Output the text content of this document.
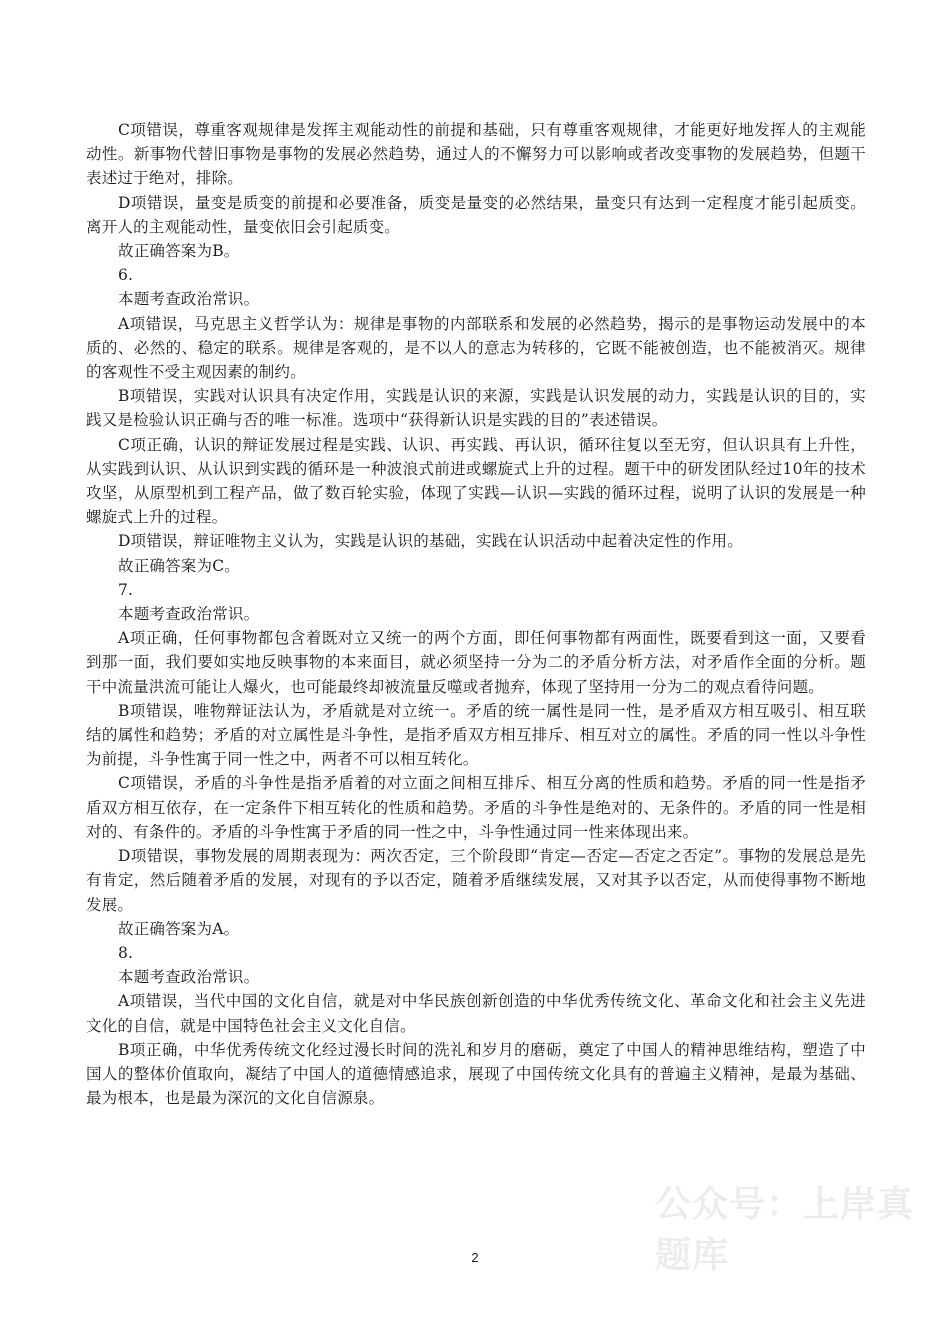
C项错误，尊重客观规律是发挥主观能动性的前提和基础，只有尊重客观规律，才能更好地发挥人的主观能动性。新事物代替旧事物是事物的发展必然趋势，通过人的不懈努力可以影响或者改变事物的发展趋势，但题干表述过于绝对，排除。

D项错误，量变是质变的前提和必要准备，质变是量变的必然结果，量变只有达到一定程度才能引起质变。离开人的主观能动性，量变依旧会引起质变。

故正确答案为B。

6.

本题考查政治常识。

A项错误，马克思主义哲学认为：规律是事物的内部联系和发展的必然趋势，揭示的是事物运动发展中的本质的、必然的、稳定的联系。规律是客观的，是不以人的意志为转移的，它既不能被创造，也不能被消灭。规律的客观性不受主观因素的制约。

B项错误，实践对认识具有决定作用，实践是认识的来源，实践是认识发展的动力，实践是认识的目的，实践又是检验认识正确与否的唯一标准。选项中“获得新认识是实践的目的”表述错误。

C项正确，认识的辩证发展过程是实践、认识、再实践、再认识，循环往复以至无穷，但认识具有上升性，从实践到认识、从认识到实践的循环是一种波浪式前进或螺旋式上升的过程。题干中的研发团队经过10年的技术攻坚，从原型机到工程产品，做了数百轮实验，体现了实践—认识—实践的循环过程，说明了认识的发展是一种螺旋式上升的过程。

D项错误，辩证唯物主义认为，实践是认识的基础，实践在认识活动中起着决定性的作用。

故正确答案为C。

7.

本题考查政治常识。

A项正确，任何事物都包含着既对立又统一的两个方面，即任何事物都有两面性，既要看到这一面，又要看到那一面，我们要如实地反映事物的本来面目，就必须坚持一分为二的矛盾分析方法，对矛盾作全面的分析。题干中流量洪流可能让人爆火，也可能最终却被流量反噬或者抛弃，体现了坚持用一分为二的观点看待问题。

B项错误，唯物辩证法认为，矛盾就是对立统一。矛盾的统一属性是同一性，是矛盾双方相互吸引、相互联结的属性和趋势；矛盾的对立属性是斗争性，是指矛盾双方相互排斥、相互对立的属性。矛盾的同一性以斗争性为前提，斗争性寓于同一性之中，两者不可以相互转化。

C项错误，矛盾的斗争性是指矛盾着的对立面之间相互排斥、相互分离的性质和趋势。矛盾的同一性是指矛盾双方相互依存，在一定条件下相互转化的性质和趋势。矛盾的斗争性是绝对的、无条件的。矛盾的同一性是相对的、有条件的。矛盾的斗争性寓于矛盾的同一性之中，斗争性通过同一性来体现出来。

D项错误，事物发展的周期表现为：两次否定，三个阶段即“肯定—否定—否定之否定”。事物的发展总是先有肯定，然后随着矛盾的发展，对现有的予以否定，随着矛盾继续发展，又对其予以否定，从而使得事物不断地发展。

故正确答案为A。

8.

本题考查政治常识。

A项错误，当代中国的文化自信，就是对中华民族创新创造的中华优秀传统文化、革命文化和社会主义先进文化的自信，就是中国特色社会主义文化自信。

B项正确，中华优秀传统文化经过漫长时间的洗礼和岁月的磨砺，奠定了中国人的精神思维结构，塑造了中国人的整体价值取向，凝结了中国人的道德情感追求，展现了中国传统文化具有的普遍主义精神，是最为基础、最为根本，也是最为深沉的文化自信源泉。

公众号：上岸真题库
2
